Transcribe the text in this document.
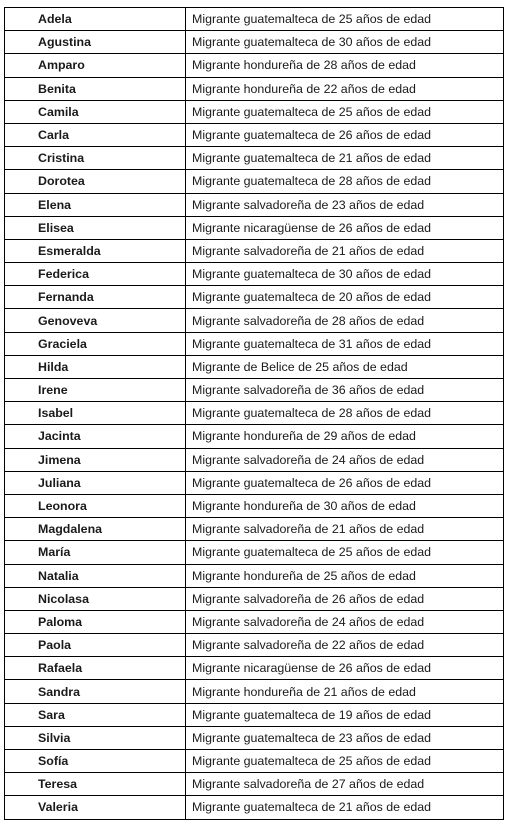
Adela	Migrante guatemalteca de 25 años de edad
Agustina	Migrante guatemalteca de 30 años de edad
Amparo	Migrante hondureña de 28 años de edad
Benita	Migrante hondureña de 22 años de edad
Camila	Migrante guatemalteca de 25 años de edad
Carla	Migrante guatemalteca de 26 años de edad
Cristina	Migrante guatemalteca de 21 años de edad
Dorotea	Migrante guatemalteca de 28 años de edad
Elena	Migrante salvadoreña de 23 años de edad
Elisea	Migrante nicaragüense de 26 años de edad
Esmeralda	Migrante salvadoreña de 21 años de edad
Federica	Migrante guatemalteca de 30 años de edad
Fernanda	Migrante guatemalteca de 20 años de edad
Genoveva	Migrante salvadoreña de 28 años de edad
Graciela	Migrante guatemalteca de 31 años de edad
Hilda	Migrante de Belice de 25 años de edad
Irene	Migrante salvadoreña de 36 años de edad
Isabel	Migrante guatemalteca de 28 años de edad
Jacinta	Migrante hondureña de 29 años de edad
Jimena	Migrante salvadoreña de 24 años de edad
Juliana	Migrante guatemalteca de 26 años de edad
Leonora	Migrante hondureña de 30 años de edad
Magdalena	Migrante salvadoreña de 21 años de edad
María	Migrante guatemalteca de 25 años de edad
Natalia	Migrante hondureña de 25 años de edad
Nicolasa	Migrante salvadoreña de 26 años de edad
Paloma	Migrante salvadoreña de 24 años de edad
Paola	Migrante salvadoreña de 22 años de edad
Rafaela	Migrante nicaragüense de 26 años de edad
Sandra	Migrante hondureña de 21 años de edad
Sara	Migrante guatemalteca de 19 años de edad
Silvia	Migrante guatemalteca de 23 años de edad
Sofía	Migrante guatemalteca de 25 años de edad
Teresa	Migrante salvadoreña de 27 años de edad
Valeria	Migrante guatemalteca de 21 años de edad
